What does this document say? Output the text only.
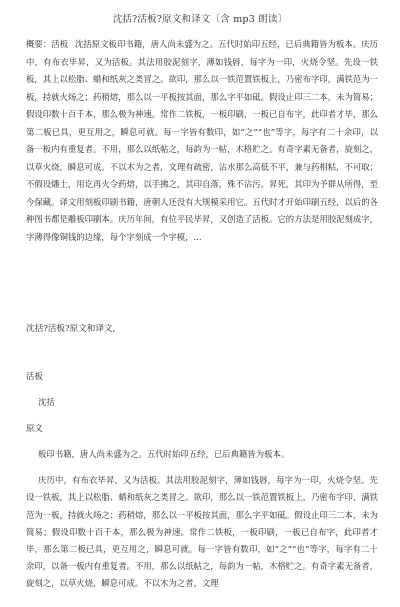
沈括?活板?原文和译文〔含 mp3 朗读〕
概要：活板 沈括原文板印书籍，唐人尚未盛为之。五代时始印五经，已后典籍皆为板本。庆历中，有布衣毕昇，又为活板。其法用胶泥刻字，薄如钱唇，每字为一印，火烧令坚。先设一铁板，其上以松脂、蜡和纸灰之类冒之。欲印，那么以一铁范置铁板上，乃密布字印，满铁范为一板，持就火炀之；药稍熔，那么以一平板按其面，那么字平如砥。假设止印三二本，未为简易；假设印数十百千本，那么极为神速。常作二铁板，一板印刷，一板已自布字，此印者才毕，那么第二板已具，更互用之，瞬息可就。每一字皆有数印，如“之”“也”等字，每字有二十余印，以备一板内有重复者。不用，那么以纸帖之，每韵为一帖，木格贮之。有奇字素无备者，旋刻之，以草火烧，瞬息可成。不以木为之者，文理有疏密，沾水那么高低不平，兼与药相粘，不可取；不假设燔土，用讫再火令药熔，以手拂之，其印自落，殊不沾污。昇死，其印为予群从所得，至今保藏。译文用刻板印刷书籍，唐朝人还没有大规模采用它。五代时才开始印刷五经，以后的各种图书都是雕板印刷本。庆历年间，有位平民毕昇，又创造了活板。它的方法是用胶泥刻成字，字薄得像铜钱的边缘，每个字刻成一个字模，...
沈括?活板?原文和译文,
活板
沈括
原文
板印书籍，唐人尚未盛为之。五代时始印五经，已后典籍皆为板本。
庆历中，有布衣毕昇，又为活板。其法用胶泥刻字，薄如钱唇，每字为一印，火烧令坚。先设一铁板，其上以松脂、蜡和纸灰之类冒之。欲印，那么以一铁范置铁板上，乃密布字印，满铁范为一板，持就火炀之；药稍熔，那么以一平板按其面，那么字平如砥。假设止印三二本，未为简易；假设印数十百千本，那么极为神速。常作二铁板，一板印刷，一板已自布字，此印者才毕，那么第二板已具，更互用之，瞬息可就。每一字皆有数印，如“之”“也”等字，每字有二十余印，以备一板内有重复者。不用，那么以纸帖之，每韵为一帖，木格贮之。有奇字素无备者，旋刻之，以草火烧，瞬息可成。不以木为之者，文理
